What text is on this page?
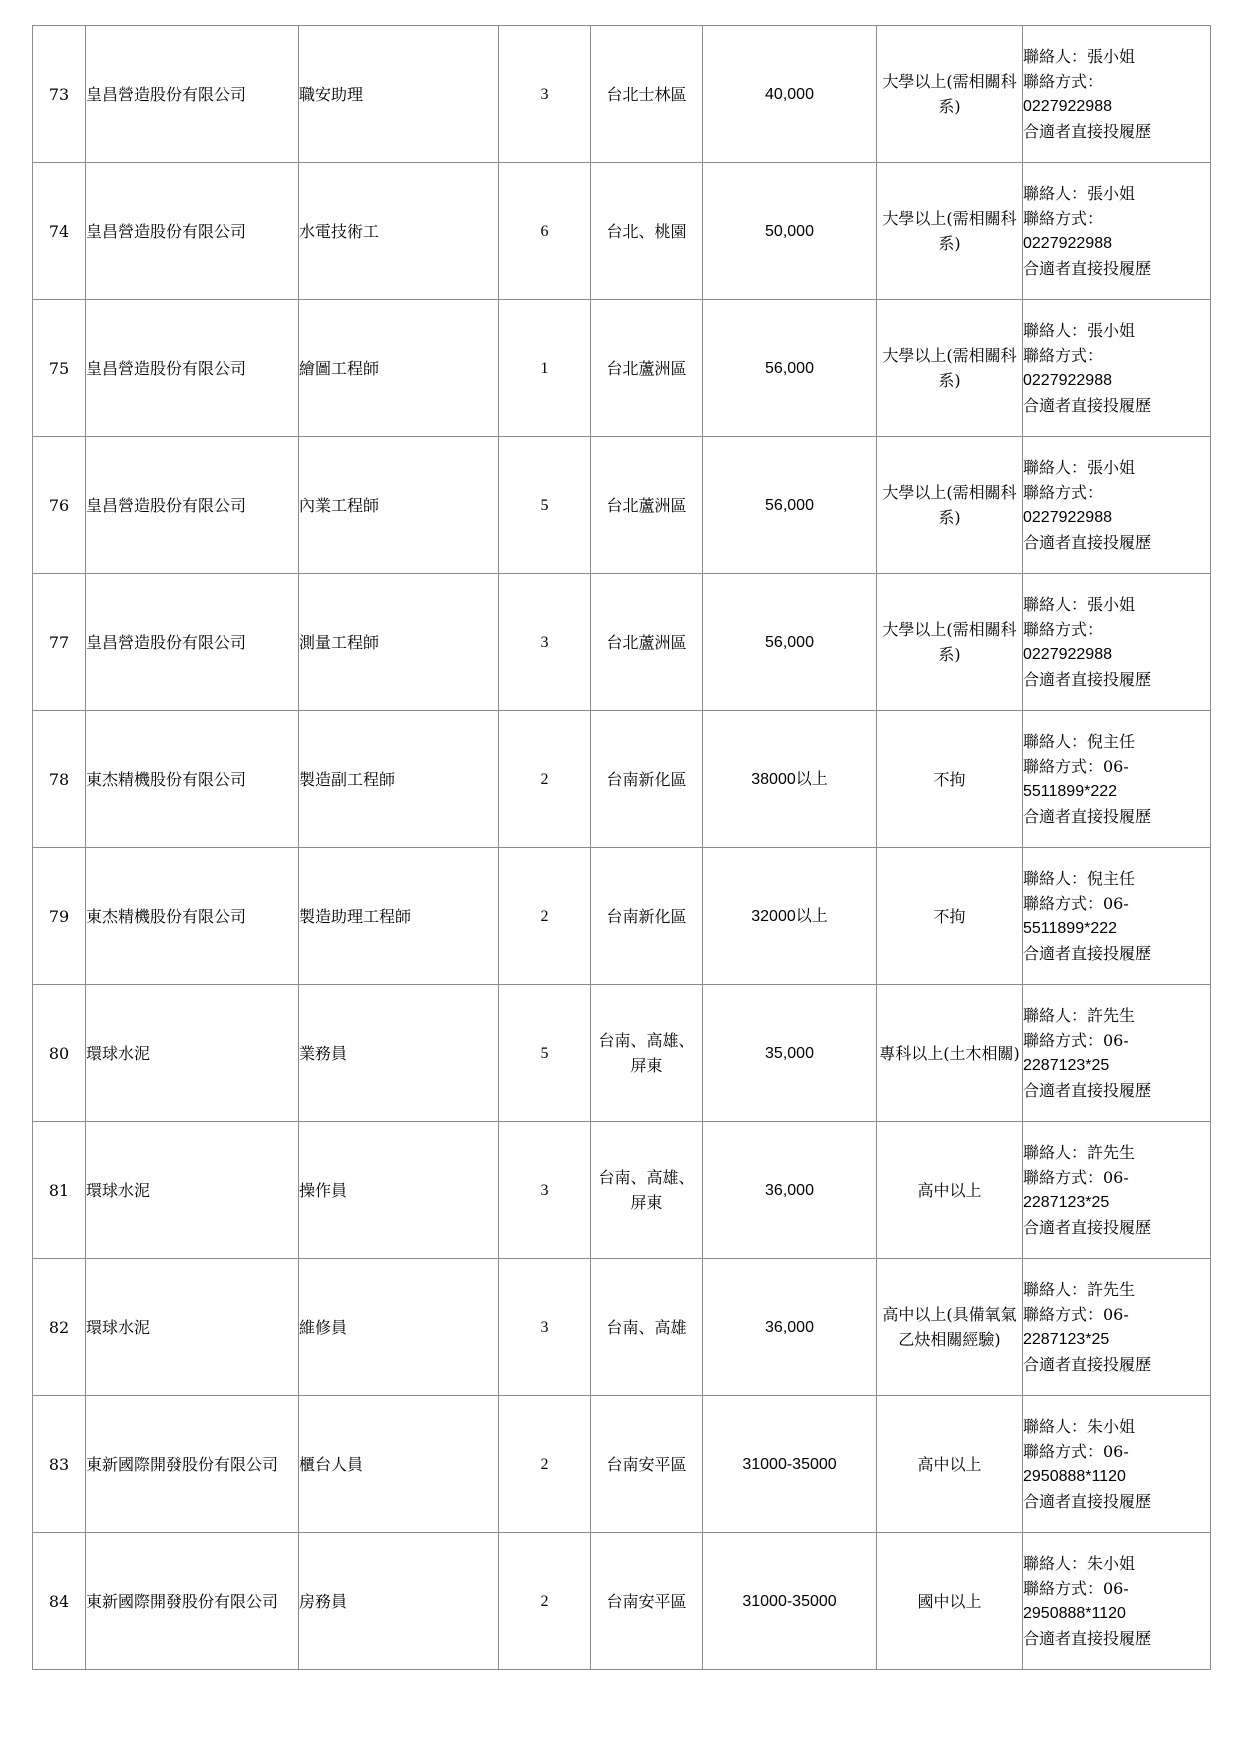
73	皇昌營造股份有限公司	職安助理	3	台北士林區	40,000	大學以上(需相關科系)	聯絡人：張小姐
聯絡方式：
0227922988
合適者直接投履歷

74	皇昌營造股份有限公司	水電技術工	6	台北、桃園	50,000	大學以上(需相關科系)	聯絡人：張小姐
聯絡方式：
0227922988
合適者直接投履歷

75	皇昌營造股份有限公司	繪圖工程師	1	台北蘆洲區	56,000	大學以上(需相關科系)	聯絡人：張小姐
聯絡方式：
0227922988
合適者直接投履歷

76	皇昌營造股份有限公司	內業工程師	5	台北蘆洲區	56,000	大學以上(需相關科系)	聯絡人：張小姐
聯絡方式：
0227922988
合適者直接投履歷

77	皇昌營造股份有限公司	測量工程師	3	台北蘆洲區	56,000	大學以上(需相關科系)	聯絡人：張小姐
聯絡方式：
0227922988
合適者直接投履歷

78	東杰精機股份有限公司	製造副工程師	2	台南新化區	38000以上	不拘	聯絡人：倪主任
聯絡方式：06-
5511899*222
合適者直接投履歷

79	東杰精機股份有限公司	製造助理工程師	2	台南新化區	32000以上	不拘	聯絡人：倪主任
聯絡方式：06-
5511899*222
合適者直接投履歷

80	環球水泥	業務員	5	台南、高雄、屏東	35,000	專科以上(土木相關)	聯絡人：許先生
聯絡方式：06-
2287123*25
合適者直接投履歷

81	環球水泥	操作員	3	台南、高雄、屏東	36,000	高中以上	聯絡人：許先生
聯絡方式：06-
2287123*25
合適者直接投履歷

82	環球水泥	維修員	3	台南、高雄	36,000	高中以上(具備氧氣乙炔相關經驗)	聯絡人：許先生
聯絡方式：06-
2287123*25
合適者直接投履歷

83	東新國際開發股份有限公司	櫃台人員	2	台南安平區	31000-35000	高中以上	聯絡人：朱小姐
聯絡方式：06-
2950888*1120
合適者直接投履歷

84	東新國際開發股份有限公司	房務員	2	台南安平區	31000-35000	國中以上	聯絡人：朱小姐
聯絡方式：06-
2950888*1120
合適者直接投履歷
